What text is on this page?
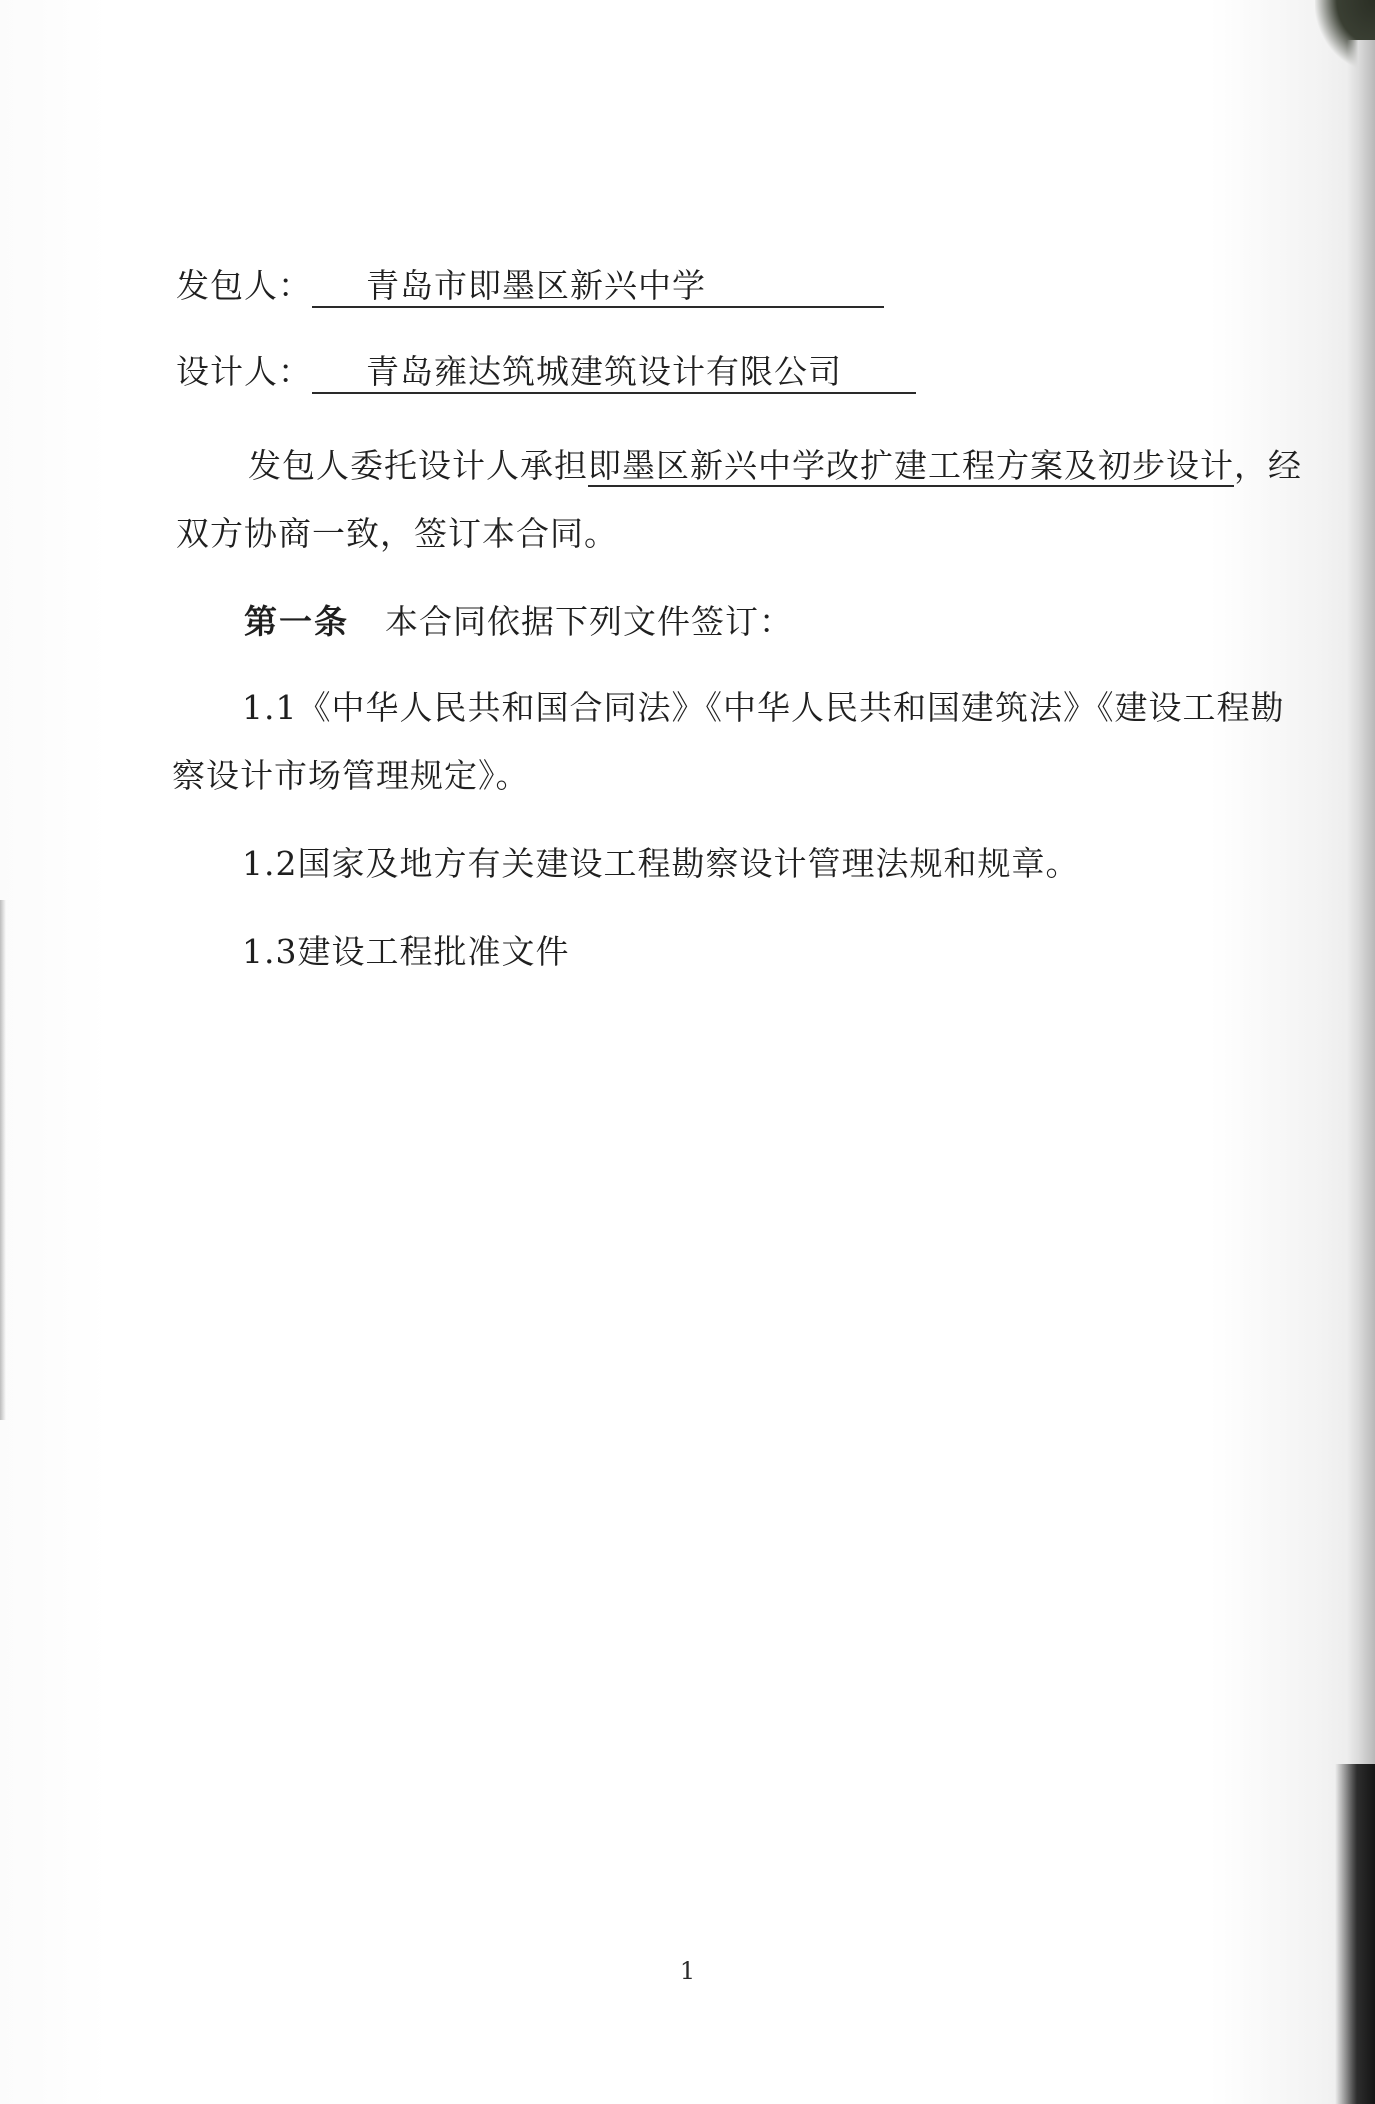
发包人： 青岛市即墨区新兴中学
设计人： 青岛雍达筑城建筑设计有限公司
发包人委托设计人承担即墨区新兴中学改扩建工程方案及初步设计，经
双方协商一致，签订本合同。
第一条 本合同依据下列文件签订：
1.1《中华人民共和国合同法》《中华人民共和国建筑法》《建设工程勘
察设计市场管理规定》。
1.2国家及地方有关建设工程勘察设计管理法规和规章。
1.3建设工程批准文件
1
